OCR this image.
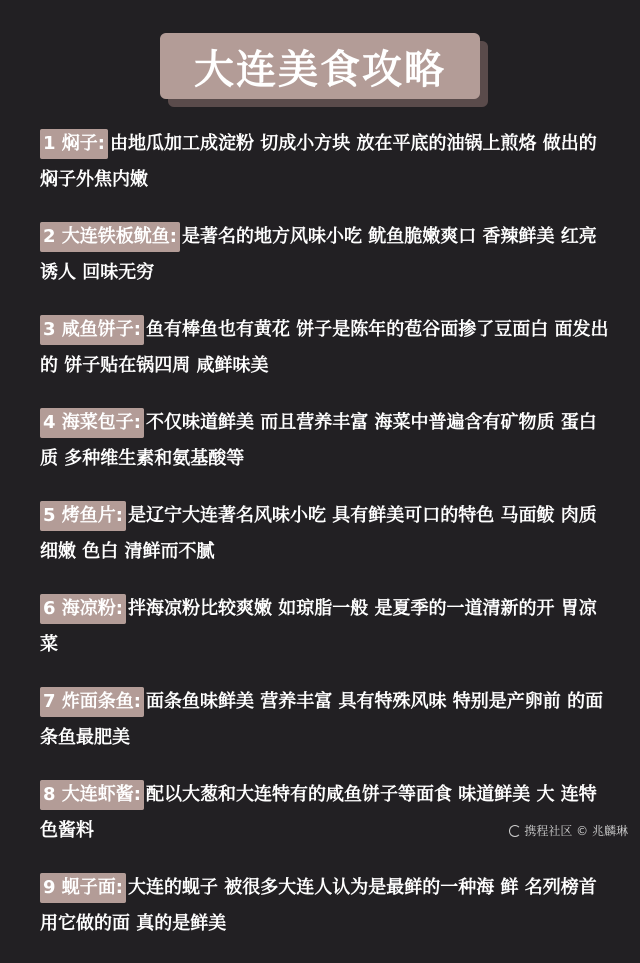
大连美食攻略
1 焖子: 由地瓜加工成淀粉 切成小方块 放在平底的油锅上煎烙 做出的焖子外焦内嫩
2 大连铁板鱿鱼: 是著名的地方风味小吃 鱿鱼脆嫩爽口 香辣鲜美 红亮诱人 回味无穷
3 咸鱼饼子: 鱼有棒鱼也有黄花 饼子是陈年的苞谷面掺了豆面白 面发出的 饼子贴在锅四周 咸鲜味美
4 海菜包子: 不仅味道鲜美 而且营养丰富 海菜中普遍含有矿物质 蛋白质 多种维生素和氨基酸等
5 烤鱼片: 是辽宁大连著名风味小吃 具有鲜美可口的特色 马面鲅 肉质细嫩 色白 清鲜而不腻
6 海凉粉: 拌海凉粉比较爽嫩 如琼脂一般 是夏季的一道清新的开 胃凉菜
7 炸面条鱼: 面条鱼味鲜美 营养丰富 具有特殊风味 特别是产卵前 的面条鱼最肥美
8 大连虾酱: 配以大葱和大连特有的咸鱼饼子等面食 味道鲜美 大 连特色酱料
9 蚬子面: 大连的蚬子 被很多大连人认为是最鲜的一种海 鲜 名列榜首 用它做的面 真的是鲜美
携程社区 © 兆麟琳
